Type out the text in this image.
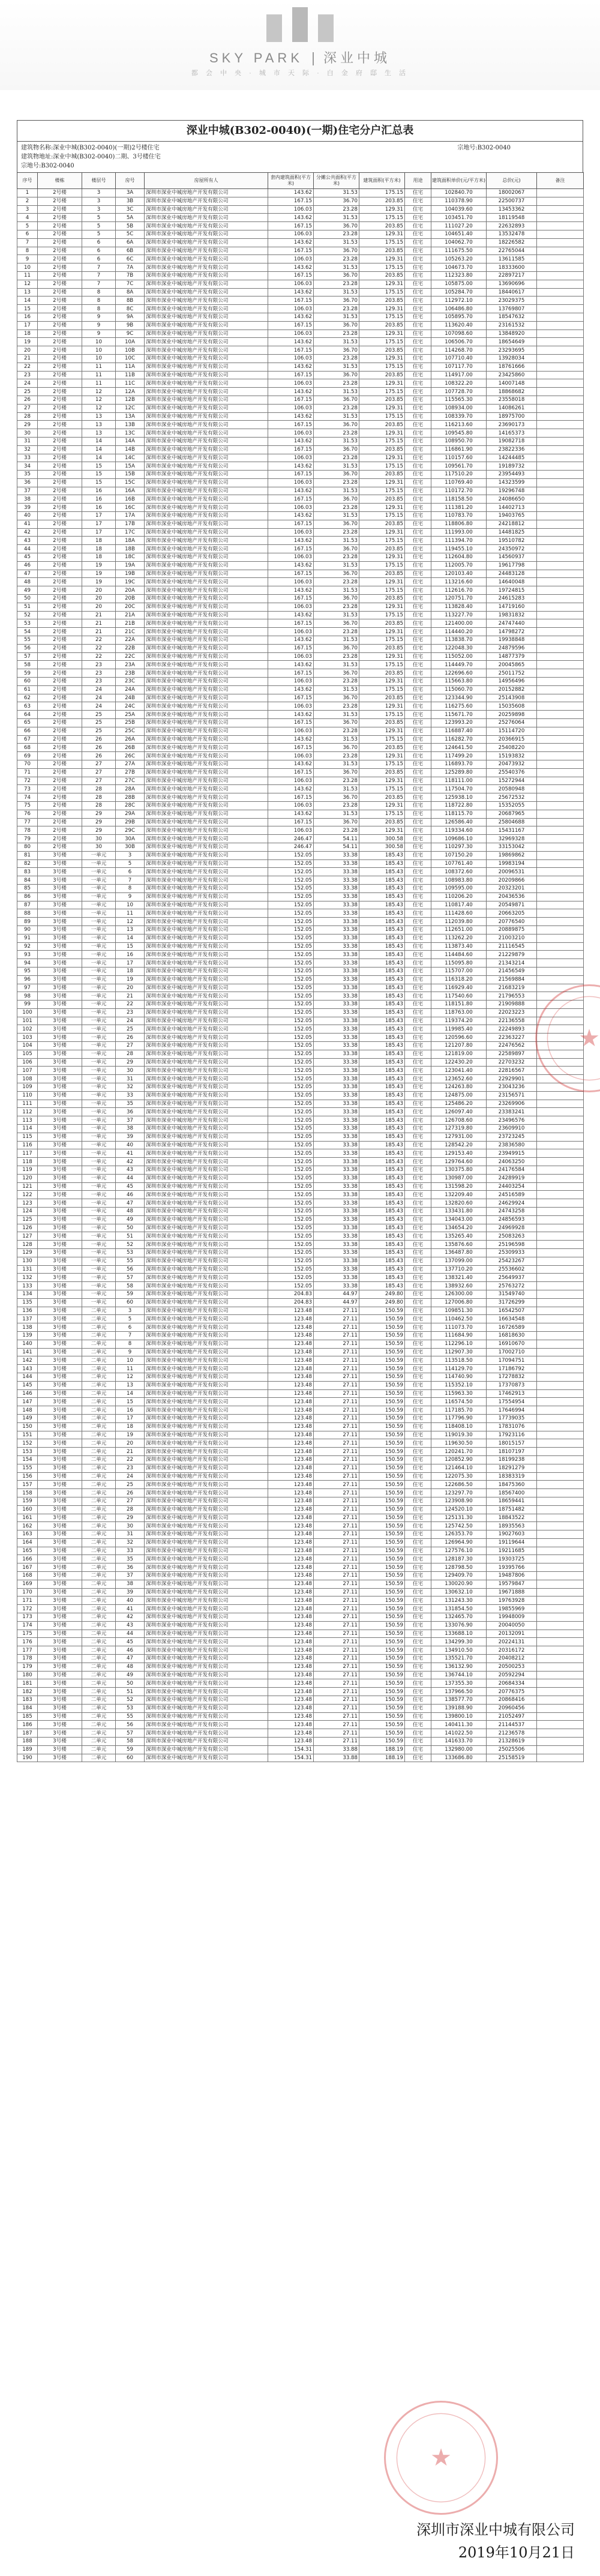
SKY PARK 深业中城
都 会 中 央 · 城 市 天 际 · 白 金 府 邸 生 活
深业中城(B302-0040)(一期)住宅分户汇总表
建筑物名称:深业中城(B302-0040)(一期)2号楼住宅
建筑物地址:深业中城(B302-0040)二期、3号楼住宅
宗地号:B302-0040
宗地号:B302-0040
序号	楼栋	楼层号	房号	房屋所有人	套内建筑面积(平方米)	分摊公共面积(平方米)	建筑面积(平方米)	用途	建筑面积单价(元/平方米)	总价(元)	备注
1	2号楼	3	3A	深圳市深业中城房地产开发有限公司	143.62	31.53	175.15	住宅	102840.70	18002067	
2	2号楼	3	3B	深圳市深业中城房地产开发有限公司	167.15	36.70	203.85	住宅	110378.90	22500737	
3	2号楼	3	3C	深圳市深业中城房地产开发有限公司	106.03	23.28	129.31	住宅	104039.60	13453362	
4	2号楼	5	5A	深圳市深业中城房地产开发有限公司	143.62	31.53	175.15	住宅	103451.70	18119548	
5	2号楼	5	5B	深圳市深业中城房地产开发有限公司	167.15	36.70	203.85	住宅	111027.20	22632893	
6	2号楼	5	5C	深圳市深业中城房地产开发有限公司	106.03	23.28	129.31	住宅	104651.40	13532478	
7	2号楼	6	6A	深圳市深业中城房地产开发有限公司	143.62	31.53	175.15	住宅	104062.70	18226582	
8	2号楼	6	6B	深圳市深业中城房地产开发有限公司	167.15	36.70	203.85	住宅	111675.50	22765044	
9	2号楼	6	6C	深圳市深业中城房地产开发有限公司	106.03	23.28	129.31	住宅	105263.20	13611585	
10	2号楼	7	7A	深圳市深业中城房地产开发有限公司	143.62	31.53	175.15	住宅	104673.70	18333600	
11	2号楼	7	7B	深圳市深业中城房地产开发有限公司	167.15	36.70	203.85	住宅	112323.80	22897217	
12	2号楼	7	7C	深圳市深业中城房地产开发有限公司	106.03	23.28	129.31	住宅	105875.00	13690696	
13	2号楼	8	8A	深圳市深业中城房地产开发有限公司	143.62	31.53	175.15	住宅	105284.70	18440617	
14	2号楼	8	8B	深圳市深业中城房地产开发有限公司	167.15	36.70	203.85	住宅	112972.10	23029375	
15	2号楼	8	8C	深圳市深业中城房地产开发有限公司	106.03	23.28	129.31	住宅	106486.80	13769807	
16	2号楼	9	9A	深圳市深业中城房地产开发有限公司	143.62	31.53	175.15	住宅	105895.70	18547632	
17	2号楼	9	9B	深圳市深业中城房地产开发有限公司	167.15	36.70	203.85	住宅	113620.40	23161532	
18	2号楼	9	9C	深圳市深业中城房地产开发有限公司	106.03	23.28	129.31	住宅	107098.60	13848920	
19	2号楼	10	10A	深圳市深业中城房地产开发有限公司	143.62	31.53	175.15	住宅	106506.70	18654649	
20	2号楼	10	10B	深圳市深业中城房地产开发有限公司	167.15	36.70	203.85	住宅	114268.70	23293695	
21	2号楼	10	10C	深圳市深业中城房地产开发有限公司	106.03	23.28	129.31	住宅	107710.40	13928034	
22	2号楼	11	11A	深圳市深业中城房地产开发有限公司	143.62	31.53	175.15	住宅	107117.70	18761666	
23	2号楼	11	11B	深圳市深业中城房地产开发有限公司	167.15	36.70	203.85	住宅	114917.00	23425860	
24	2号楼	11	11C	深圳市深业中城房地产开发有限公司	106.03	23.28	129.31	住宅	108322.20	14007148	
25	2号楼	12	12A	深圳市深业中城房地产开发有限公司	143.62	31.53	175.15	住宅	107728.70	18868682	
26	2号楼	12	12B	深圳市深业中城房地产开发有限公司	167.15	36.70	203.85	住宅	115565.30	23558018	
27	2号楼	12	12C	深圳市深业中城房地产开发有限公司	106.03	23.28	129.31	住宅	108934.00	14086261	
28	2号楼	13	13A	深圳市深业中城房地产开发有限公司	143.62	31.53	175.15	住宅	108339.70	18975700	
29	2号楼	13	13B	深圳市深业中城房地产开发有限公司	167.15	36.70	203.85	住宅	116213.60	23690173	
30	2号楼	13	13C	深圳市深业中城房地产开发有限公司	106.03	23.28	129.31	住宅	109545.80	14165373	
31	2号楼	14	14A	深圳市深业中城房地产开发有限公司	143.62	31.53	175.15	住宅	108950.70	19082718	
32	2号楼	14	14B	深圳市深业中城房地产开发有限公司	167.15	36.70	203.85	住宅	116861.90	23822336	
33	2号楼	14	14C	深圳市深业中城房地产开发有限公司	106.03	23.28	129.31	住宅	110157.60	14244485	
34	2号楼	15	15A	深圳市深业中城房地产开发有限公司	143.62	31.53	175.15	住宅	109561.70	19189732	
35	2号楼	15	15B	深圳市深业中城房地产开发有限公司	167.15	36.70	203.85	住宅	117510.20	23954493	
36	2号楼	15	15C	深圳市深业中城房地产开发有限公司	106.03	23.28	129.31	住宅	110769.40	14323599	
37	2号楼	16	16A	深圳市深业中城房地产开发有限公司	143.62	31.53	175.15	住宅	110172.70	19296748	
38	2号楼	16	16B	深圳市深业中城房地产开发有限公司	167.15	36.70	203.85	住宅	118158.50	24086650	
39	2号楼	16	16C	深圳市深业中城房地产开发有限公司	106.03	23.28	129.31	住宅	111381.20	14402713	
40	2号楼	17	17A	深圳市深业中城房地产开发有限公司	143.62	31.53	175.15	住宅	110783.70	19403765	
41	2号楼	17	17B	深圳市深业中城房地产开发有限公司	167.15	36.70	203.85	住宅	118806.80	24218812	
42	2号楼	17	17C	深圳市深业中城房地产开发有限公司	106.03	23.28	129.31	住宅	111993.00	14481825	
43	2号楼	18	18A	深圳市深业中城房地产开发有限公司	143.62	31.53	175.15	住宅	111394.70	19510782	
44	2号楼	18	18B	深圳市深业中城房地产开发有限公司	167.15	36.70	203.85	住宅	119455.10	24350972	
45	2号楼	18	18C	深圳市深业中城房地产开发有限公司	106.03	23.28	129.31	住宅	112604.80	14560937	
46	2号楼	19	19A	深圳市深业中城房地产开发有限公司	143.62	31.53	175.15	住宅	112005.70	19617798	
47	2号楼	19	19B	深圳市深业中城房地产开发有限公司	167.15	36.70	203.85	住宅	120103.40	24483128	
48	2号楼	19	19C	深圳市深业中城房地产开发有限公司	106.03	23.28	129.31	住宅	113216.60	14640048	
49	2号楼	20	20A	深圳市深业中城房地产开发有限公司	143.62	31.53	175.15	住宅	112616.70	19724815	
50	2号楼	20	20B	深圳市深业中城房地产开发有限公司	167.15	36.70	203.85	住宅	120751.70	24615283	
51	2号楼	20	20C	深圳市深业中城房地产开发有限公司	106.03	23.28	129.31	住宅	113828.40	14719160	
52	2号楼	21	21A	深圳市深业中城房地产开发有限公司	143.62	31.53	175.15	住宅	113227.70	19831832	
53	2号楼	21	21B	深圳市深业中城房地产开发有限公司	167.15	36.70	203.85	住宅	121400.00	24747440	
54	2号楼	21	21C	深圳市深业中城房地产开发有限公司	106.03	23.28	129.31	住宅	114440.20	14798272	
55	2号楼	22	22A	深圳市深业中城房地产开发有限公司	143.62	31.53	175.15	住宅	113838.70	19938848	
56	2号楼	22	22B	深圳市深业中城房地产开发有限公司	167.15	36.70	203.85	住宅	122048.30	24879596	
57	2号楼	22	22C	深圳市深业中城房地产开发有限公司	106.03	23.28	129.31	住宅	115052.00	14877379	
58	2号楼	23	23A	深圳市深业中城房地产开发有限公司	143.62	31.53	175.15	住宅	114449.70	20045865	
59	2号楼	23	23B	深圳市深业中城房地产开发有限公司	167.15	36.70	203.85	住宅	122696.60	25011752	
60	2号楼	23	23C	深圳市深业中城房地产开发有限公司	106.03	23.28	129.31	住宅	115663.80	14956496	
61	2号楼	24	24A	深圳市深业中城房地产开发有限公司	143.62	31.53	175.15	住宅	115060.70	20152882	
62	2号楼	24	24B	深圳市深业中城房地产开发有限公司	167.15	36.70	203.85	住宅	123344.90	25143908	
63	2号楼	24	24C	深圳市深业中城房地产开发有限公司	106.03	23.28	129.31	住宅	116275.60	15035608	
64	2号楼	25	25A	深圳市深业中城房地产开发有限公司	143.62	31.53	175.15	住宅	115671.70	20259898	
65	2号楼	25	25B	深圳市深业中城房地产开发有限公司	167.15	36.70	203.85	住宅	123993.20	25276064	
66	2号楼	25	25C	深圳市深业中城房地产开发有限公司	106.03	23.28	129.31	住宅	116887.40	15114720	
67	2号楼	26	26A	深圳市深业中城房地产开发有限公司	143.62	31.53	175.15	住宅	116282.70	20366915	
68	2号楼	26	26B	深圳市深业中城房地产开发有限公司	167.15	36.70	203.85	住宅	124641.50	25408220	
69	2号楼	26	26C	深圳市深业中城房地产开发有限公司	106.03	23.28	129.31	住宅	117499.20	15193832	
70	2号楼	27	27A	深圳市深业中城房地产开发有限公司	143.62	31.53	175.15	住宅	116893.70	20473932	
71	2号楼	27	27B	深圳市深业中城房地产开发有限公司	167.15	36.70	203.85	住宅	125289.80	25540376	
72	2号楼	27	27C	深圳市深业中城房地产开发有限公司	106.03	23.28	129.31	住宅	118111.00	15272944	
73	2号楼	28	28A	深圳市深业中城房地产开发有限公司	143.62	31.53	175.15	住宅	117504.70	20580948	
74	2号楼	28	28B	深圳市深业中城房地产开发有限公司	167.15	36.70	203.85	住宅	125938.10	25672532	
75	2号楼	28	28C	深圳市深业中城房地产开发有限公司	106.03	23.28	129.31	住宅	118722.80	15352055	
76	2号楼	29	29A	深圳市深业中城房地产开发有限公司	143.62	31.53	175.15	住宅	118115.70	20687965	
77	2号楼	29	29B	深圳市深业中城房地产开发有限公司	167.15	36.70	203.85	住宅	126586.40	25804688	
78	2号楼	29	29C	深圳市深业中城房地产开发有限公司	106.03	23.28	129.31	住宅	119334.60	15431167	
79	2号楼	30	30A	深圳市深业中城房地产开发有限公司	246.47	54.11	300.58	住宅	109686.10	32969328	
80	2号楼	30	30B	深圳市深业中城房地产开发有限公司	246.47	54.11	300.58	住宅	110297.30	33153042	
81	3号楼	一单元	3	深圳市深业中城房地产开发有限公司	152.05	33.38	185.43	住宅	107150.20	19869862	
82	3号楼	一单元	5	深圳市深业中城房地产开发有限公司	152.05	33.38	185.43	住宅	107761.40	19983194	
83	3号楼	一单元	6	深圳市深业中城房地产开发有限公司	152.05	33.38	185.43	住宅	108372.60	20096531	
84	3号楼	一单元	7	深圳市深业中城房地产开发有限公司	152.05	33.38	185.43	住宅	108983.80	20209866	
85	3号楼	一单元	8	深圳市深业中城房地产开发有限公司	152.05	33.38	185.43	住宅	109595.00	20323201	
86	3号楼	一单元	9	深圳市深业中城房地产开发有限公司	152.05	33.38	185.43	住宅	110206.20	20436536	
87	3号楼	一单元	10	深圳市深业中城房地产开发有限公司	152.05	33.38	185.43	住宅	110817.40	20549871	
88	3号楼	一单元	11	深圳市深业中城房地产开发有限公司	152.05	33.38	185.43	住宅	111428.60	20663205	
89	3号楼	一单元	12	深圳市深业中城房地产开发有限公司	152.05	33.38	185.43	住宅	112039.80	20776540	
90	3号楼	一单元	13	深圳市深业中城房地产开发有限公司	152.05	33.38	185.43	住宅	112651.00	20889875	
91	3号楼	一单元	14	深圳市深业中城房地产开发有限公司	152.05	33.38	185.43	住宅	113262.20	21003210	
92	3号楼	一单元	15	深圳市深业中城房地产开发有限公司	152.05	33.38	185.43	住宅	113873.40	21116545	
93	3号楼	一单元	16	深圳市深业中城房地产开发有限公司	152.05	33.38	185.43	住宅	114484.60	21229879	
94	3号楼	一单元	17	深圳市深业中城房地产开发有限公司	152.05	33.38	185.43	住宅	115095.80	21343214	
95	3号楼	一单元	18	深圳市深业中城房地产开发有限公司	152.05	33.38	185.43	住宅	115707.00	21456549	
96	3号楼	一单元	19	深圳市深业中城房地产开发有限公司	152.05	33.38	185.43	住宅	116318.20	21569884	
97	3号楼	一单元	20	深圳市深业中城房地产开发有限公司	152.05	33.38	185.43	住宅	116929.40	21683219	
98	3号楼	一单元	21	深圳市深业中城房地产开发有限公司	152.05	33.38	185.43	住宅	117540.60	21796553	
99	3号楼	一单元	22	深圳市深业中城房地产开发有限公司	152.05	33.38	185.43	住宅	118151.80	21909888	
100	3号楼	一单元	23	深圳市深业中城房地产开发有限公司	152.05	33.38	185.43	住宅	118763.00	22023223	
101	3号楼	一单元	24	深圳市深业中城房地产开发有限公司	152.05	33.38	185.43	住宅	119374.20	22136558	
102	3号楼	一单元	25	深圳市深业中城房地产开发有限公司	152.05	33.38	185.43	住宅	119985.40	22249893	
103	3号楼	一单元	26	深圳市深业中城房地产开发有限公司	152.05	33.38	185.43	住宅	120596.60	22363227	
104	3号楼	一单元	27	深圳市深业中城房地产开发有限公司	152.05	33.38	185.43	住宅	121207.80	22476562	
105	3号楼	一单元	28	深圳市深业中城房地产开发有限公司	152.05	33.38	185.43	住宅	121819.00	22589897	
106	3号楼	一单元	29	深圳市深业中城房地产开发有限公司	152.05	33.38	185.43	住宅	122430.20	22703232	
107	3号楼	一单元	30	深圳市深业中城房地产开发有限公司	152.05	33.38	185.43	住宅	123041.40	22816567	
108	3号楼	一单元	31	深圳市深业中城房地产开发有限公司	152.05	33.38	185.43	住宅	123652.60	22929901	
109	3号楼	一单元	32	深圳市深业中城房地产开发有限公司	152.05	33.38	185.43	住宅	124263.80	23043236	
110	3号楼	一单元	33	深圳市深业中城房地产开发有限公司	152.05	33.38	185.43	住宅	124875.00	23156571	
111	3号楼	一单元	35	深圳市深业中城房地产开发有限公司	152.05	33.38	185.43	住宅	125486.20	23269906	
112	3号楼	一单元	36	深圳市深业中城房地产开发有限公司	152.05	33.38	185.43	住宅	126097.40	23383241	
113	3号楼	一单元	37	深圳市深业中城房地产开发有限公司	152.05	33.38	185.43	住宅	126708.60	23496576	
114	3号楼	一单元	38	深圳市深业中城房地产开发有限公司	152.05	33.38	185.43	住宅	127319.80	23609910	
115	3号楼	一单元	39	深圳市深业中城房地产开发有限公司	152.05	33.38	185.43	住宅	127931.00	23723245	
116	3号楼	一单元	40	深圳市深业中城房地产开发有限公司	152.05	33.38	185.43	住宅	128542.20	23836580	
117	3号楼	一单元	41	深圳市深业中城房地产开发有限公司	152.05	33.38	185.43	住宅	129153.40	23949915	
118	3号楼	一单元	42	深圳市深业中城房地产开发有限公司	152.05	33.38	185.43	住宅	129764.60	24063250	
119	3号楼	一单元	43	深圳市深业中城房地产开发有限公司	152.05	33.38	185.43	住宅	130375.80	24176584	
120	3号楼	一单元	44	深圳市深业中城房地产开发有限公司	152.05	33.38	185.43	住宅	130987.00	24289919	
121	3号楼	一单元	45	深圳市深业中城房地产开发有限公司	152.05	33.38	185.43	住宅	131598.20	24403254	
122	3号楼	一单元	46	深圳市深业中城房地产开发有限公司	152.05	33.38	185.43	住宅	132209.40	24516589	
123	3号楼	一单元	47	深圳市深业中城房地产开发有限公司	152.05	33.38	185.43	住宅	132820.60	24629924	
124	3号楼	一单元	48	深圳市深业中城房地产开发有限公司	152.05	33.38	185.43	住宅	133431.80	24743258	
125	3号楼	一单元	49	深圳市深业中城房地产开发有限公司	152.05	33.38	185.43	住宅	134043.00	24856593	
126	3号楼	一单元	50	深圳市深业中城房地产开发有限公司	152.05	33.38	185.43	住宅	134654.20	24969928	
127	3号楼	一单元	51	深圳市深业中城房地产开发有限公司	152.05	33.38	185.43	住宅	135265.40	25083263	
128	3号楼	一单元	52	深圳市深业中城房地产开发有限公司	152.05	33.38	185.43	住宅	135876.60	25196598	
129	3号楼	一单元	53	深圳市深业中城房地产开发有限公司	152.05	33.38	185.43	住宅	136487.80	25309933	
130	3号楼	一单元	55	深圳市深业中城房地产开发有限公司	152.05	33.38	185.43	住宅	137099.00	25423267	
131	3号楼	一单元	56	深圳市深业中城房地产开发有限公司	152.05	33.38	185.43	住宅	137710.20	25536602	
132	3号楼	一单元	57	深圳市深业中城房地产开发有限公司	152.05	33.38	185.43	住宅	138321.40	25649937	
133	3号楼	一单元	58	深圳市深业中城房地产开发有限公司	152.05	33.38	185.43	住宅	138932.60	25763272	
134	3号楼	一单元	59	深圳市深业中城房地产开发有限公司	204.83	44.97	249.80	住宅	126300.00	31549740	
135	3号楼	一单元	60	深圳市深业中城房地产开发有限公司	204.83	44.97	249.80	住宅	127006.80	31726299	
136	3号楼	二单元	3	深圳市深业中城房地产开发有限公司	123.48	27.11	150.59	住宅	109851.30	16542507	
137	3号楼	二单元	5	深圳市深业中城房地产开发有限公司	123.48	27.11	150.59	住宅	110462.50	16634548	
138	3号楼	二单元	6	深圳市深业中城房地产开发有限公司	123.48	27.11	150.59	住宅	111073.70	16726589	
139	3号楼	二单元	7	深圳市深业中城房地产开发有限公司	123.48	27.11	150.59	住宅	111684.90	16818630	
140	3号楼	二单元	8	深圳市深业中城房地产开发有限公司	123.48	27.11	150.59	住宅	112296.10	16910670	
141	3号楼	二单元	9	深圳市深业中城房地产开发有限公司	123.48	27.11	150.59	住宅	112907.30	17002710	
142	3号楼	二单元	10	深圳市深业中城房地产开发有限公司	123.48	27.11	150.59	住宅	113518.50	17094751	
143	3号楼	二单元	11	深圳市深业中城房地产开发有限公司	123.48	27.11	150.59	住宅	114129.70	17186792	
144	3号楼	二单元	12	深圳市深业中城房地产开发有限公司	123.48	27.11	150.59	住宅	114740.90	17278832	
145	3号楼	二单元	13	深圳市深业中城房地产开发有限公司	123.48	27.11	150.59	住宅	115352.10	17370873	
146	3号楼	二单元	14	深圳市深业中城房地产开发有限公司	123.48	27.11	150.59	住宅	115963.30	17462913	
147	3号楼	二单元	15	深圳市深业中城房地产开发有限公司	123.48	27.11	150.59	住宅	116574.50	17554954	
148	3号楼	二单元	16	深圳市深业中城房地产开发有限公司	123.48	27.11	150.59	住宅	117185.70	17646994	
149	3号楼	二单元	17	深圳市深业中城房地产开发有限公司	123.48	27.11	150.59	住宅	117796.90	17739035	
150	3号楼	二单元	18	深圳市深业中城房地产开发有限公司	123.48	27.11	150.59	住宅	118408.10	17831076	
151	3号楼	二单元	19	深圳市深业中城房地产开发有限公司	123.48	27.11	150.59	住宅	119019.30	17923116	
152	3号楼	二单元	20	深圳市深业中城房地产开发有限公司	123.48	27.11	150.59	住宅	119630.50	18015157	
153	3号楼	二单元	21	深圳市深业中城房地产开发有限公司	123.48	27.11	150.59	住宅	120241.70	18107197	
154	3号楼	二单元	22	深圳市深业中城房地产开发有限公司	123.48	27.11	150.59	住宅	120852.90	18199238	
155	3号楼	二单元	23	深圳市深业中城房地产开发有限公司	123.48	27.11	150.59	住宅	121464.10	18291279	
156	3号楼	二单元	24	深圳市深业中城房地产开发有限公司	123.48	27.11	150.59	住宅	122075.30	18383319	
157	3号楼	二单元	25	深圳市深业中城房地产开发有限公司	123.48	27.11	150.59	住宅	122686.50	18475360	
158	3号楼	二单元	26	深圳市深业中城房地产开发有限公司	123.48	27.11	150.59	住宅	123297.70	18567400	
159	3号楼	二单元	27	深圳市深业中城房地产开发有限公司	123.48	27.11	150.59	住宅	123908.90	18659441	
160	3号楼	二单元	28	深圳市深业中城房地产开发有限公司	123.48	27.11	150.59	住宅	124520.10	18751482	
161	3号楼	二单元	29	深圳市深业中城房地产开发有限公司	123.48	27.11	150.59	住宅	125131.30	18843522	
162	3号楼	二单元	30	深圳市深业中城房地产开发有限公司	123.48	27.11	150.59	住宅	125742.50	18935563	
163	3号楼	二单元	31	深圳市深业中城房地产开发有限公司	123.48	27.11	150.59	住宅	126353.70	19027603	
164	3号楼	二单元	32	深圳市深业中城房地产开发有限公司	123.48	27.11	150.59	住宅	126964.90	19119644	
165	3号楼	二单元	33	深圳市深业中城房地产开发有限公司	123.48	27.11	150.59	住宅	127576.10	19211685	
166	3号楼	二单元	35	深圳市深业中城房地产开发有限公司	123.48	27.11	150.59	住宅	128187.30	19303725	
167	3号楼	二单元	36	深圳市深业中城房地产开发有限公司	123.48	27.11	150.59	住宅	128798.50	19395766	
168	3号楼	二单元	37	深圳市深业中城房地产开发有限公司	123.48	27.11	150.59	住宅	129409.70	19487806	
169	3号楼	二单元	38	深圳市深业中城房地产开发有限公司	123.48	27.11	150.59	住宅	130020.90	19579847	
170	3号楼	二单元	39	深圳市深业中城房地产开发有限公司	123.48	27.11	150.59	住宅	130632.10	19671888	
171	3号楼	二单元	40	深圳市深业中城房地产开发有限公司	123.48	27.11	150.59	住宅	131243.30	19763928	
172	3号楼	二单元	41	深圳市深业中城房地产开发有限公司	123.48	27.11	150.59	住宅	131854.50	19855969	
173	3号楼	二单元	42	深圳市深业中城房地产开发有限公司	123.48	27.11	150.59	住宅	132465.70	19948009	
174	3号楼	二单元	43	深圳市深业中城房地产开发有限公司	123.48	27.11	150.59	住宅	133076.90	20040050	
175	3号楼	二单元	44	深圳市深业中城房地产开发有限公司	123.48	27.11	150.59	住宅	133688.10	20132091	
176	3号楼	二单元	45	深圳市深业中城房地产开发有限公司	123.48	27.11	150.59	住宅	134299.30	20224131	
177	3号楼	二单元	46	深圳市深业中城房地产开发有限公司	123.48	27.11	150.59	住宅	134910.50	20316172	
178	3号楼	二单元	47	深圳市深业中城房地产开发有限公司	123.48	27.11	150.59	住宅	135521.70	20408212	
179	3号楼	二单元	48	深圳市深业中城房地产开发有限公司	123.48	27.11	150.59	住宅	136132.90	20500253	
180	3号楼	二单元	49	深圳市深业中城房地产开发有限公司	123.48	27.11	150.59	住宅	136744.10	20592294	
181	3号楼	二单元	50	深圳市深业中城房地产开发有限公司	123.48	27.11	150.59	住宅	137355.30	20684334	
182	3号楼	二单元	51	深圳市深业中城房地产开发有限公司	123.48	27.11	150.59	住宅	137966.50	20776375	
183	3号楼	二单元	52	深圳市深业中城房地产开发有限公司	123.48	27.11	150.59	住宅	138577.70	20868416	
184	3号楼	二单元	53	深圳市深业中城房地产开发有限公司	123.48	27.11	150.59	住宅	139188.90	20960456	
185	3号楼	二单元	55	深圳市深业中城房地产开发有限公司	123.48	27.11	150.59	住宅	139800.10	21052497	
186	3号楼	二单元	56	深圳市深业中城房地产开发有限公司	123.48	27.11	150.59	住宅	140411.30	21144537	
187	3号楼	二单元	57	深圳市深业中城房地产开发有限公司	123.48	27.11	150.59	住宅	141022.50	21236578	
188	3号楼	二单元	58	深圳市深业中城房地产开发有限公司	123.48	27.11	150.59	住宅	141633.70	21328619	
189	3号楼	二单元	59	深圳市深业中城房地产开发有限公司	154.31	33.88	188.19	住宅	132980.00	25025506	
190	3号楼	二单元	60	深圳市深业中城房地产开发有限公司	154.31	33.88	188.19	住宅	133686.80	25158519	
★
★
深圳市深业中城有限公司
2019年10月21日
